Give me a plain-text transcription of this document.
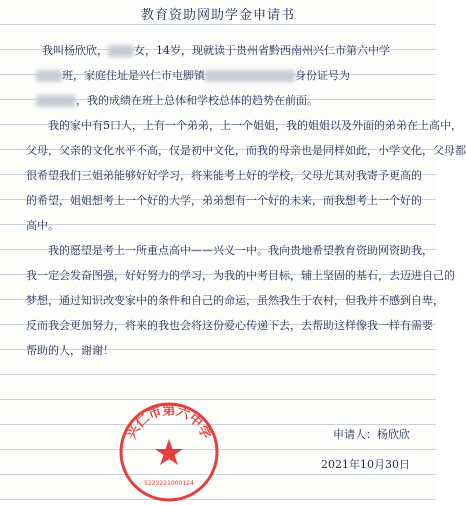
教育资助网助学金申请书
我叫杨欣欣， 女，14岁，现就读于贵州省黔西南州兴仁市第六中学
班，家庭住址是兴仁市屯脚镇	身份证号为
，我的成绩在班上总体和学校总体的趋势在前面。
我的家中有5口人，上有一个弟弟，上一个姐姐，我的姐姐以及外面的弟弟在上高中，
父母，父亲的文化水平不高，仅是初中文化，而我的母亲也是同样如此，小学文化，父母都
很希望我们三姐弟能够好好学习，将来能考上好的学校，父母尤其对我寄予更高的
的希望，姐姐想考上一个好的大学，弟弟想有一个好的未来，而我想考上一个好的
高中。
我的愿望是考上一所重点高中——兴义一中。我向贵地希望教育资助网资助我，
我一定会发奋图强，好好努力的学习，为我的中考目标，辅上坚固的基石，去迈进自己的
梦想，通过知识改变家中的条件和自己的命运，虽然我生于农村，但我并不感到自卑，
反而我会更加努力，将来的我也会将这份爱心传递下去，去帮助这样像我一样有需要
帮助的人，谢谢！
兴仁市第六中学
5223221000124
申请人：杨欣欣
2021年10月30日
